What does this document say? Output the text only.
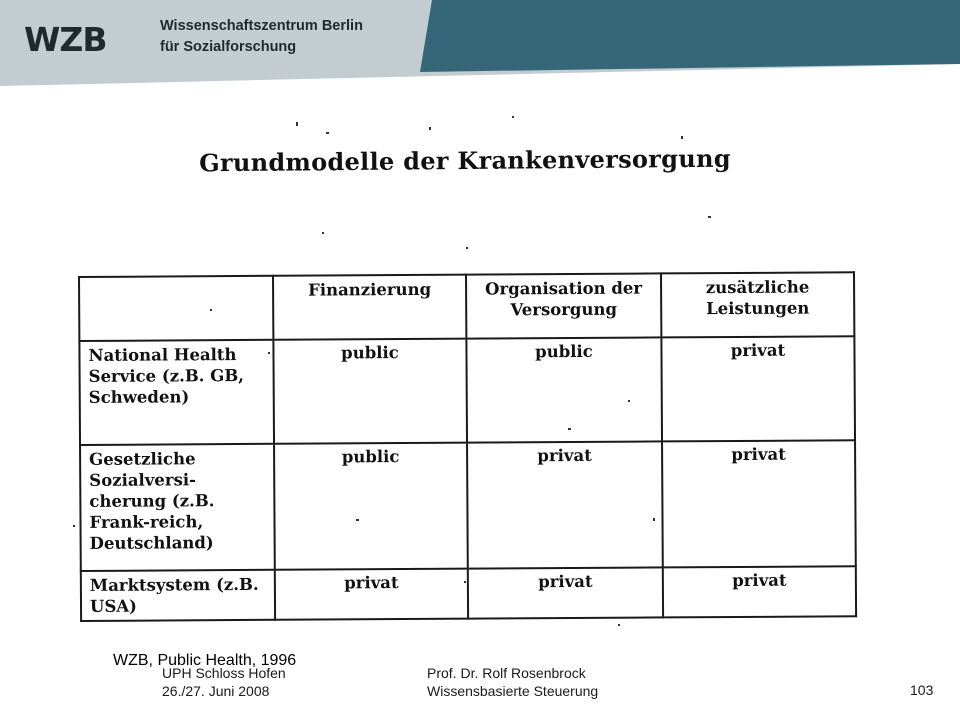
WZB	Wissenschaftszentrum Berlin
für Sozialforschung
Grundmodelle der Krankenversorgung
	Finanzierung	Organisation der Versorgung	zusätzliche Leistungen
National Health Service (z.B. GB, Schweden)	public	public	privat
Gesetzliche Sozialversi-cherung (z.B. Frank-reich, Deutschland)	public	privat	privat
Marktsystem (z.B. USA)	privat	privat	privat
WZB, Public Health, 1996
UPH Schloss Hofen
26./27. Juni 2008
Prof. Dr. Rolf Rosenbrock
Wissensbasierte Steuerung	103
